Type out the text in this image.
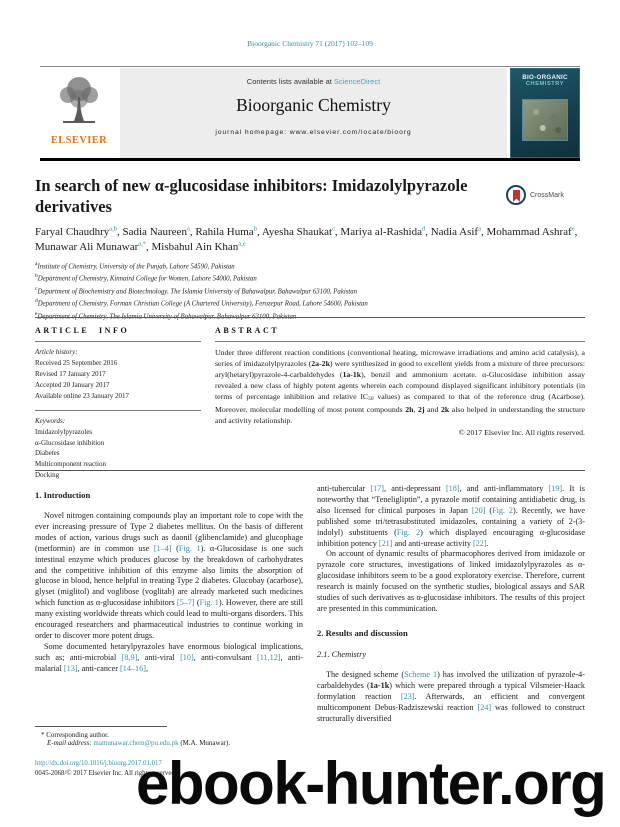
Bioorganic Chemistry 71 (2017) 102–109
ELSEVIER
Contents lists available at ScienceDirect
Bioorganic Chemistry
journal homepage: www.elsevier.com/locate/bioorg
BIO-ORGANIC
CHEMISTRY
In search of new α-glucosidase inhibitors: Imidazolylpyrazole derivatives
CrossMark
Faryal Chaudhry$^{a,b}$, Sadia Naureen$^a$, Rahila Huma$^b$, Ayesha Shaukat$^c$, Mariya al-Rashida$^d$, Nadia Asif$^a$, Mohammad Ashraf$^e$, Munawar Ali Munawar$^{a,*}$, Misbahul Ain Khan$^{a,e}$
$^a$Institute of Chemistry, University of the Punjab, Lahore 54590, Pakistan
$^b$Department of Chemistry, Kinnaird College for Women, Lahore 54000, Pakistan
$^c$Department of Biochemistry and Biotechnology, The Islamia University of Bahawalpur, Bahawalpur 63100, Pakistan
$^d$Department of Chemistry, Forman Christian College (A Chartered University), Ferozepur Road, Lahore 54600, Pakistan
$^e$
ARTICLE INFO
Article history:
Received 25 September 2016
Revised 17 January 2017
Accepted 20 January 2017
Available online 23 January 2017
Keywords:
Imidazolylpyrazoles
α-Glucosidase inhibition
Diabetes
Multicomponent reaction
Docking
ABSTRACT
Under three different reaction conditions (conventional heating, microwave irradiations and amino acid catalysis), a series of imidazolylpyrazoles (2a-2k) were synthesized in good to excellent yields from a mixture of three precursors: aryl(hetaryl)pyrazole-4-carbaldehydes (1a-1k), benzil and ammonium acetate. α-Glucosidase inhibition assay revealed a new class of highly potent agents wherein each compound displayed significant inhibitory potentials (in terms of percentage inhibition and relative IC50 values) as compared to that of the reference drug (Acarbose). Moreover, molecular modelling of most potent compounds 2h, 2j and 2k also helped in understanding the structure and activity relationship.
© 2017 Elsevier Inc. All rights reserved.
1. Introduction

Novel nitrogen containing compounds play an important role to cope with the ever increasing pressure of Type 2 diabetes mellitus. On the basis of different modes of action, various drugs such as daonil (glibenclamide) and glucophage (metformin) are in common use [1–4] (Fig. 1). α-Glucosidase is one such intestinal enzyme which produces glucose by the breakdown of carbohydrates and the competitive inhibition of this enzyme also limits the absorption of glucose in blood, hence helpful in treating Type 2 diabetes. Glucobay (acarbose), glyset (miglitol) and voglibose (voglitab) are already marketed such medicines which function as α-glucosidase inhibitors [5–7] (Fig. 1). However, there are still many existing worldwide threats which could lead to multi-organs disorders. This encouraged researchers and pharmaceutical industries to continue working in order to discover more potent drugs.

Some documented hetarylpyrazoles have enormous biological implications, such as; anti-microbial [8,9], anti-viral [10], anti-convulsant [11,12], anti-malarial [13], anti-cancer [14–16],

anti-tubercular [17], anti-depressant [18], and anti-inflammatory [19]. It is noteworthy that “Teneligliptin”, a pyrazole motif containing antidiabetic drug, is also licensed for clinical purposes in Japan [20] (Fig. 2). Recently, we have published some tri/tetrasubstituted imidazoles, containing a variety of 2-(3-indolyl) substituents (Fig. 2) which displayed encouraging α-glucosidase inhibition potency [21] and anti-urease activity [22].

On account of dynamic results of pharmacophores derived from imidazole or pyrazole core structures, investigations of linked imidazolylpyrazoles as α-glucosidase inhibitors seem to be a good exploratory exercise. Therefore, current research is mainly focused on the synthetic studies, biological assays and SAR studies of such derivatives as α-glucosidase inhibitors. The results of this project are presented in this communication.

2. Results and discussion
2.1. Chemistry

The designed scheme (Scheme 1) has involved the utilization of pyrazole-4-carbaldehydes (1a-1k) which were prepared through a typical Vilsmeier-Haack formylation reaction [23]. Afterwards, an efficient and convergent multicomponent Debus-Radziszewski reaction [24] was followed to construct structurally diversified

* Corresponding author.
E-mail address: mamunawar.chem@pu.edu.pk (M.A. Munawar).
http://dx.doi.org/10.1016/j.bioorg.2017.01.017
0045-2068/© 2017 Elsevier Inc. All rights reserved.
ebook-hunter.org
